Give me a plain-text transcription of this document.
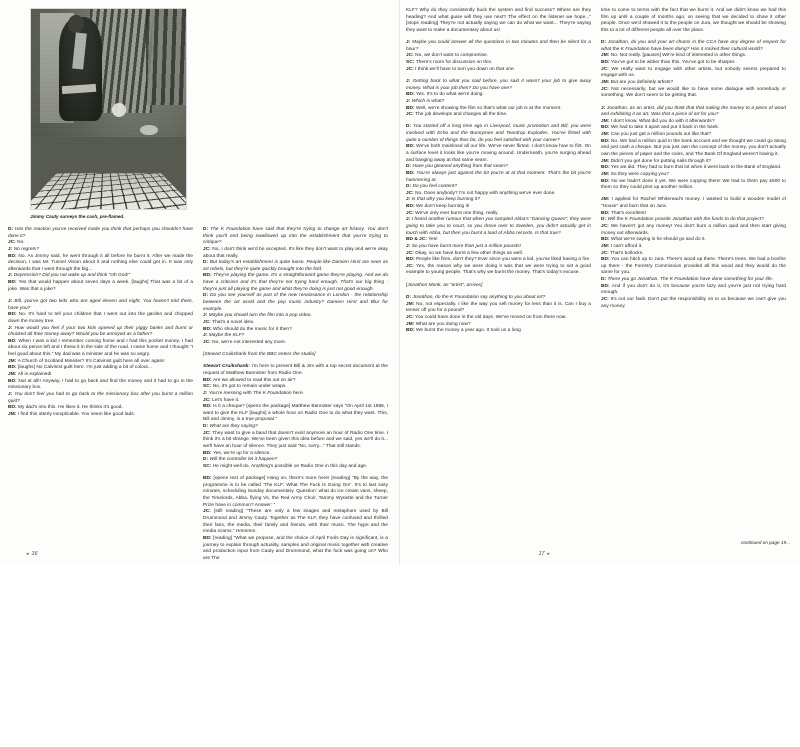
Jimmy Cauty surveys the cash, pre-flamed.

D: Has the reaction you've received made you think that perhaps you shouldn't have done it?

JC: No.

J: No regrets?

BD: No. As Jimmy said, he went through it all before he burnt it. After we made the decision, I was Mr. Tunnel Vision about it and nothing else could get in. It was only afterwards that I went through the big...

J: Depression? Did you not wake up and think “Oh God!”

BD: Yes that would happen about seven days a week. [laughs] That was a bit of a joke. Was that a joke?

J: Bill, you've got two kids who are aged eleven and eight. You haven't told them, have you?

BD: No. It's hard to tell your children that I went out into the garden and chopped down the money tree.

J: How would you feel if your two kids opened up their piggy banks and burnt or chucked all their money away? Would you be annoyed as a father?

BD: When I was a kid I remember coming home and I had this pocket money. I had about six pence left and I threw it in the side of the road. I came home and I thought “I feel good about this.” My dad was a minister and he was so angry.

JM: A Church of Scotland Minister? It's Calvinist guilt here all over again!

BD: [laughs] No Calvinist guilt here. I'm just adding a bit of colour...

JM: All is explained!

BD: Not at all!! Anyway, I had to go back and find the money and it had to go in the missionary box.

J: You don't feel you had to go back to the missionary box after you burnt a million quid?

BD: My dad's into this. He likes it. He thinks it's good.

JM: I find this utterly inexplicable. You seem like good lads.

D: The K Foundation have said that they're trying to change art history. You don't think you'll end being swallowed up into the establishment that you're trying to critique?

JC: No, I don't think we'd be accepted. It's like they don't want to play and we're okay about that really.

D: But today's art establishment is quite loose. People like Damien Hirst are seen as art rebels, but they're quite quickly brought into the fold.

BD: They're playing the game. It's a straightforward game they're playing. And we do have a criticism and it's that they're not trying hard enough. That's our big thing - they're just all playing the game and what they're doing is just not good enough.

D: Do you see yourself as part of the new renaissance in London - the relationship between the art world and the pop music industry? Damien Hirst and Blur for example.

J: Maybe you should turn the film into a pop video.

JC: That's a novel idea.

BD: Who should do the music for it then?

J: Maybe the KLF?

JC: No, we're not interested any more.

[Stewart Cruikshank from the BBC enters the studio]

Stewart Cruikshank: I'm here to present Bill & Jim with a top secret document at the request of Matthew Bannister from Radio One.

BD: Are we allowed to read this out on air?

SC: No, it's got to remain under wraps.

J: You're messing with The K Foundation here.

JC: Let's have it.

BD: Is it a cheque? [opens the package] Matthew Bannister says “On April 1st 1996, I want to give the KLF [laughs] a whole hour on Radio One to do what they want. This, Bill and Jimmy, is a true proposal.”

D: What are they saying?

JC: They want to give a band that doesn't exist anymore an hour of Radio One time. I think it's a bit strange. We've been given this idea before and we said, yes we'll do it... we'll have an hour of silence. They just said “No, sorry...” That still stands.

BD: Yes, we're up for a silence.

D: Will the controller let it happen?

SC: He might well do. Anything's possible on Radio One in this day and age.

BD: [opens rest of package] Hang on, there's more here! [reading] “By the way, the programme is to be called ‘The KLF: What The Fuck Is Going On!’. It's to last sixty minutes, scheduling Sunday documentary. Question: what do ice cream vans, sheep, the Timelords, Abba, flying Vs, the Red Army Choir, Tammy Wynette and the Turner Prize have in common? Answer: ”

JC: [still reading] “These are only a few images and metaphors used by Bill Drummond and Jimmy Cauty. Together as The KLF, they have confused and thrilled their fans, the media, their family and friends, with their music. The hype and the media scams.” Hmmmm.

BD: [reading] “What we propose, and the choice of April Fools Day is significant, is a journey to explain through actuality, samples and original music together with creative and production input from Cauty and Drummond, what the fuck was going on? Who are The

◂ 16

KLF? Why do they consistently buck the system and find success? Where are they heading? And what guise will they use next? The effect on the listener we hope...” [stops reading] They're not actually saying we can do what we want... They're saying they want to make a documentary about us!

J: Maybe you could answer all the questions in two minutes and then be silent for a hour?

JC: No, we don't want to compromise.

SC: There's room for discussion on this.

JC: I think we'll have to turn you down on that one.

J: Getting back to what you said before, you said it wasn't your job to give away money. What is your job then? Do you have one?

BD: Yes. It's to do what we're doing.

J: Which is what?

BD: Well, we're showing the film so that's what our job is at the moment.

JC: The job develops and changes all the time.

D: You started off a long time ago in Liverpool, music promotion and Bill, you were involved with Echo and the Bunnymen and Teardrop Explodes. You've flirted with quite a number of things thus far, do you feel satisfied with your career?

BD: We've both mainlined all our life. We've never flirted. I don't know how to flirt. On a surface level it looks like you're moving around. Underneath, you're surging ahead and banging away at that same seam.

D: Have you gleaned anything from that seam?

BD: You're always just against the bit you're at at that moment. That's the bit you're hammering at.

D: Do you feel content?

JC: No. Does anybody? I'm not happy with anything we've ever done.

J: Is that why you keep burning it?

BD: We don't keep burning it!

JC: We've only ever burnt one thing, really.

J: I heard another rumour that when you sampled Abba's “Dancing Queen”, they were going to take you to court, so you drove over to Sweden, you didn't actually get in touch with Abba, but then you burnt a load of Abba records. Is that true?

BD & JC: Yes!

J: So you have burnt more than just a million pounds!

JC: Okay, so we have burnt a few other things as well.

BD: People like fires, don't they? Ever since you were a kid, you've liked having a fire.

JC: Yes, the reason why we were doing it was that we were trying to set a good example to young people. That's why we burnt the money. That's today's excuse.

[Jonathon Monk, an “artist”, arrives]

D: Jonathan, do the K Foundation say anything to you about art?

JM: No, not especially. I like the way you sell money for less than it is. Can I buy a tenner off you for a pound?

JC: You could have done in the old days. We've moved on from there now.

JM: What are you doing now?

BD: We burnt the money a year ago. It took us a long

time to come to terms with the fact that we burnt it. And we didn't know we had this film up until a couple of months ago, on seeing that we decided to show it other people. Once we'd showed it to the people on Jura, we thought we should be showing this to a lot of different people all over the place.

D: Jonathan, do you and your art chums in the CCA have any degree of respect for what the K Foundation have been doing? Has it rocked their cultural world?

JM: No. Not really. [pauses] We're kind of interested in other things.

BD: You've got to be wittier than this. You've got to be sharper.

JC: We really want to engage with other artists, but nobody seems prepared to engage with us.

JM: But are you definitely artists?

JC: Not necessarily, but we would like to have some dialogue with somebody or something. We don't seem to be getting that.

J: Jonathan, as an artist, did you think that that nailing the money to a piece of wood and exhibiting it as art. Was that a piece of art for you?

JM: I don't know. What did you do with it afterwards?

BD: We had to take it apart and put it back in the bank.

JM: Can you just get a million pounds out like that?

BD: No. We had a million quid in the bank account and we thought we could go along and just cash a cheque. But you just own the concept of the money, you don't actually own the pieces of paper and the coins, and The Bank Of England weren't having it.

JM: Didn't you get done for putting nails through it?

BD: Yes we did. They had to burn that lot when it went back to the Bank of England.

JM: So they were copying you?

BD: No we hadn't done it yet. We were copying them! We had to them pay £500 to them so they could print up another million.

JM: I applied for Rachel Whiteread's money. I wanted to build a wooden model of “House” and burn that on Jura.

BD: That's excellent!

D: Will the K Foundation provide Jonathan with the funds to do that project?

JC: We haven't got any money! You don't burn a million quid and then start giving money out afterwards.

BD: What we're saying is he should go and do it.

JM: I can't afford it.

JC: That's bollocks.

BD: You can hitch up to Jura. There's wood up there. There's trees. We had a bonfire up there - the Forestry Commission provided all this wood and they would do the same for you.

D: There you go Jonathan. The K Foundation have done something for your life.

BD: And if you don't do it, it's because you're lazy and you're just not trying hard enough.

JC: It's not our fault. Don't put the responsibility on to us because we can't give you any money.

17 ▸
continued on page 19...
